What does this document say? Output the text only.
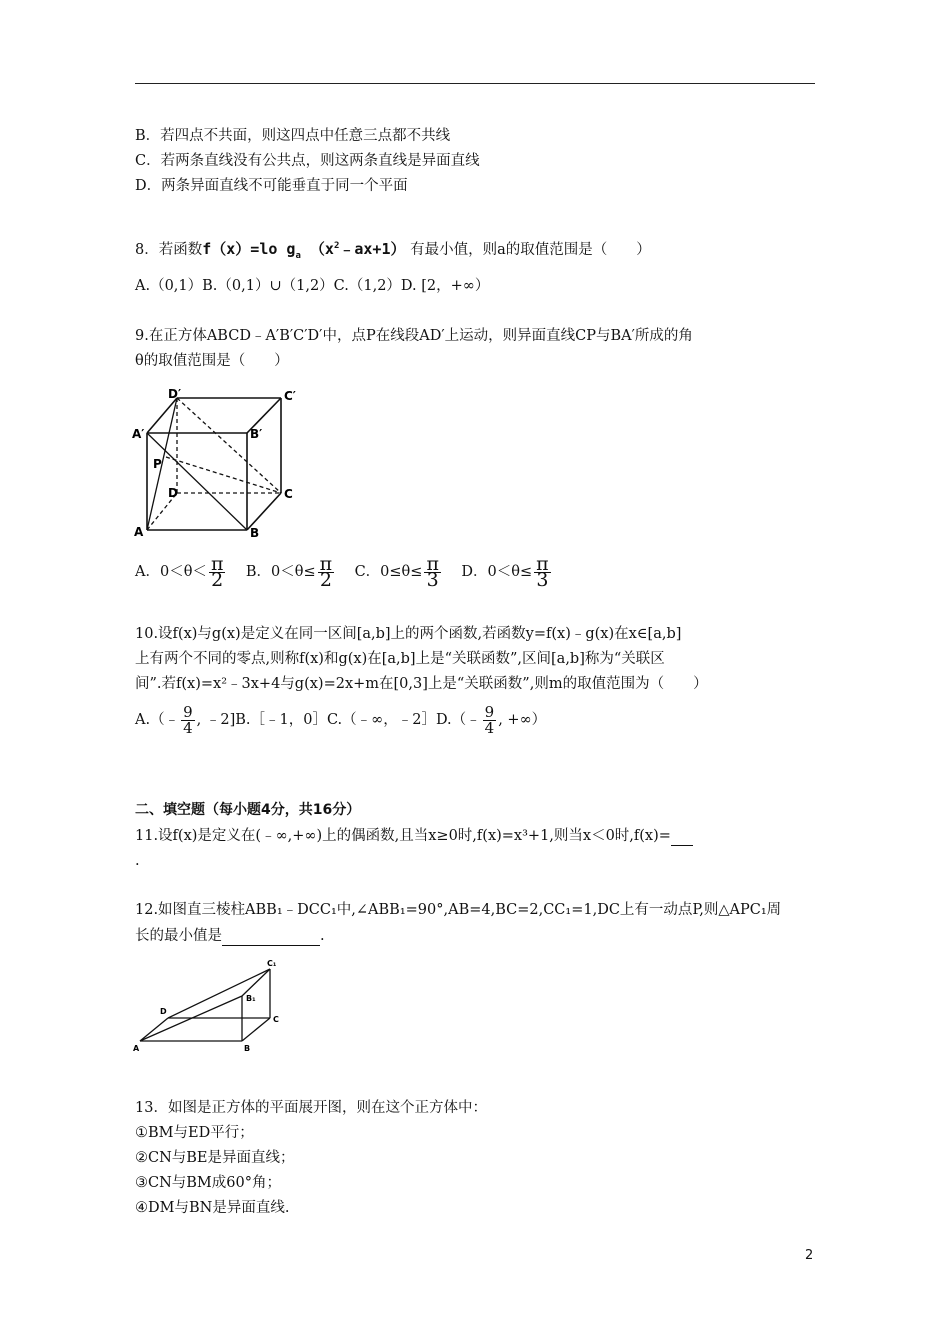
B．若四点不共面，则这四点中任意三点都不共线
C．若两条直线没有公共点，则这两条直线是异面直线
D．两条异面直线不可能垂直于同一个平面
8．若函数f（x）=lo $g_a$ $(x^2﹣ax+1)$ 有最小值，则a的取值范围是（　　）
A.（0,1）B.（0,1）∪（1,2）C.（1,2）D. [2，+∞）
9.在正方体ABCD﹣A′B′C′D′中，点P在线段AD′上运动，则异面直线CP与BA′所成的角
θ的取值范围是（　　）
D′	C′
A′	B′
P
D	C
A	B
A．$0<\theta< \frac{\pi}{2}$ B．$0<\theta\le \frac{\pi}{2}$ C．$0\le\theta\le \frac{\pi}{3}$ D．$0<\theta\le \frac{\pi}{3}$
10.设f(x)与g(x)是定义在同一区间[a,b]上的两个函数,若函数y=f(x)﹣g(x)在x∈[a,b]
上有两个不同的零点,则称f(x)和g(x)在[a,b]上是“关联函数”,区间[a,b]称为“关联区
间”.若f(x)=x²﹣3x+4与g(x)=2x+m在[0,3]上是“关联函数”,则m的取值范围为（　　）
A.（﹣ $\frac{9}{4}$ , ﹣2]B.［﹣1，0］C.（﹣∞，﹣2］D.（﹣ $\frac{9}{4}$ , +∞）
二、填空题（每小题4分，共16分）
11.设f(x)是定义在(﹣∞,+∞)上的偶函数,且当x≥0时,f(x)=x³+1,则当x＜0时,f(x)=
.
12.如图直三棱柱ABB₁﹣DCC₁中,∠ABB₁=90°,AB=4,BC=2,CC₁=1,DC上有一动点P,则△APC₁周
长的最小值是	.
C₁
B₁
D
C
A	B
13．如图是正方体的平面展开图，则在这个正方体中：
①BM与ED平行；
②CN与BE是异面直线；
③CN与BM成60°角；
④DM与BN是异面直线.
2
